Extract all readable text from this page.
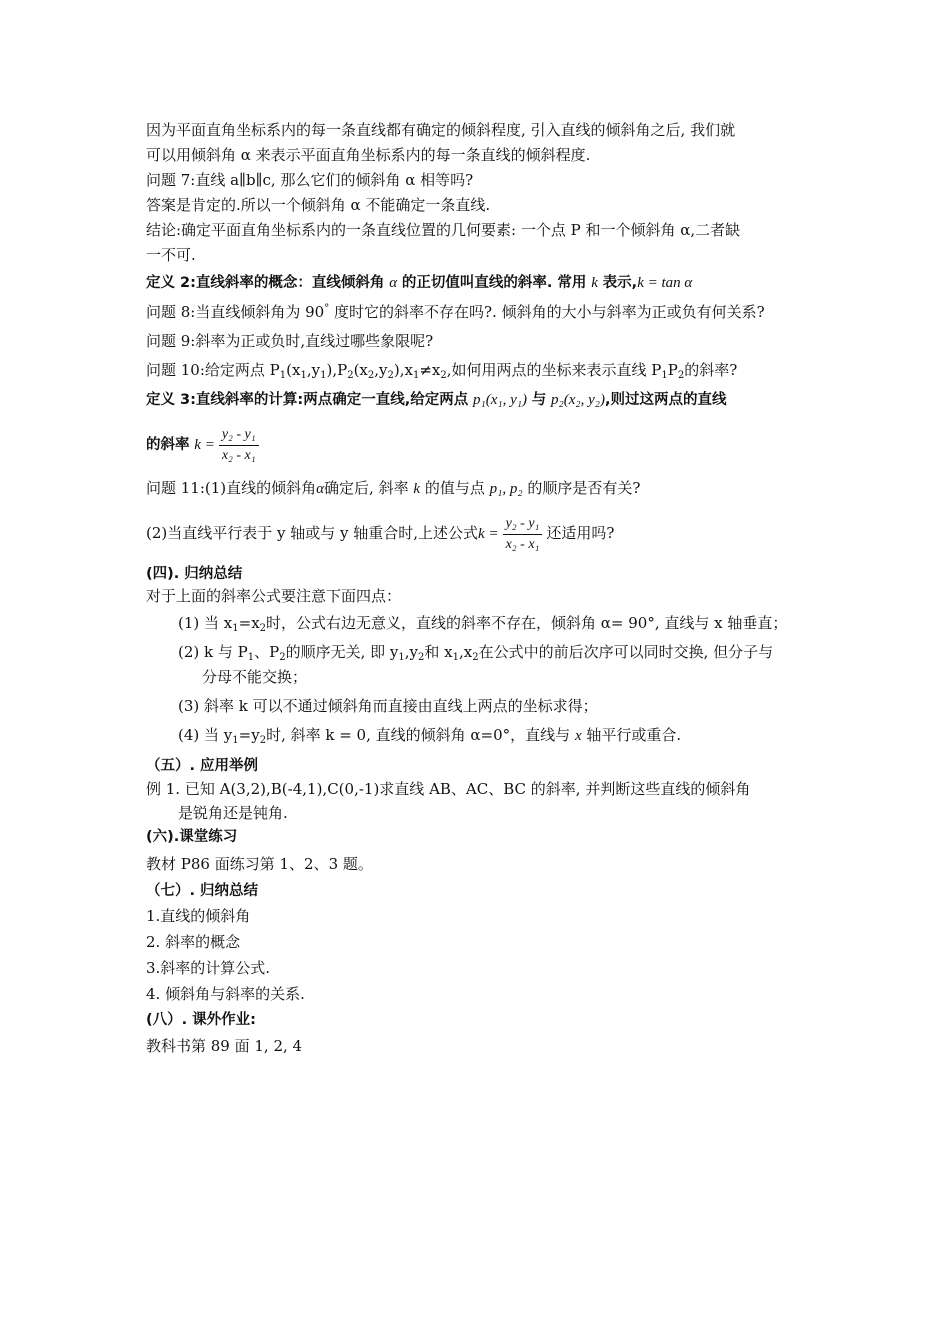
因为平面直角坐标系内的每一条直线都有确定的倾斜程度, 引入直线的倾斜角之后, 我们就

可以用倾斜角 α 来表示平面直角坐标系内的每一条直线的倾斜程度.

问题 7:直线 a∥b∥c, 那么它们的倾斜角 α 相等吗?

答案是肯定的.所以一个倾斜角 α 不能确定一条直线.

结论:确定平面直角坐标系内的一条直线位置的几何要素: 一个点 P 和一个倾斜角 α,二者缺

一不可.

定义 2:直线斜率的概念：直线倾斜角 α 的正切值叫直线的斜率. 常用 k 表示,k = tan α

问题 8:当直线倾斜角为 90° 度时它的斜率不存在吗?. 倾斜角的大小与斜率为正或负有何关系?

问题 9:斜率为正或负时,直线过哪些象限呢?

问题 10:给定两点 $P_1(x_1,y_1),P_2(x_2,y_2),x_1\ne x_2$,如何用两点的坐标来表示直线 $P_1P_2$的斜率?

定义 3:直线斜率的计算:两点确定一直线,给定两点 p₁(x₁, y₁) 与 p₂(x₂, y₂),则过这两点的直线

的斜率 $k = \frac{\text{y₂ - y₁}}{\text{x₂ - x₁}}$

问题 11:(1)直线的倾斜角α确定后, 斜率 k 的值与点 p₁, p₂ 的顺序是否有关?

(2)当直线平行表于 y 轴或与 y 轴重合时,上述公式$k = \frac{\text{y₂ - y₁}}{\text{x₂ - x₁}}$ 还适用吗?

(四). 归纳总结

对于上面的斜率公式要注意下面四点：

(1) 当 $x_1=x_2$时，公式右边无意义，直线的斜率不存在，倾斜角 α= 90°, 直线与 x 轴垂直；

(2) k 与 $P_1$、$P_2$的顺序无关, 即 $y_1,y_2$和 $x_1,x_2$在公式中的前后次序可以同时交换, 但分子与

分母不能交换；

(3) 斜率 k 可以不通过倾斜角而直接由直线上两点的坐标求得；

(4) 当 $y_1=y_2$时, 斜率 k = 0, 直线的倾斜角 α=0°，直线与 x 轴平行或重合.

（五）. 应用举例

例 1. 已知 A(3,2),B(-4,1),C(0,-1)求直线 AB、AC、BC 的斜率, 并判断这些直线的倾斜角

是锐角还是钝角.

(六).课堂练习

教材 P86 面练习第 1、2、3 题。

（七）. 归纳总结

1.直线的倾斜角

2. 斜率的概念

3.斜率的计算公式.

4. 倾斜角与斜率的关系.

(八）. 课外作业:

教科书第 89 面 1, 2, 4
